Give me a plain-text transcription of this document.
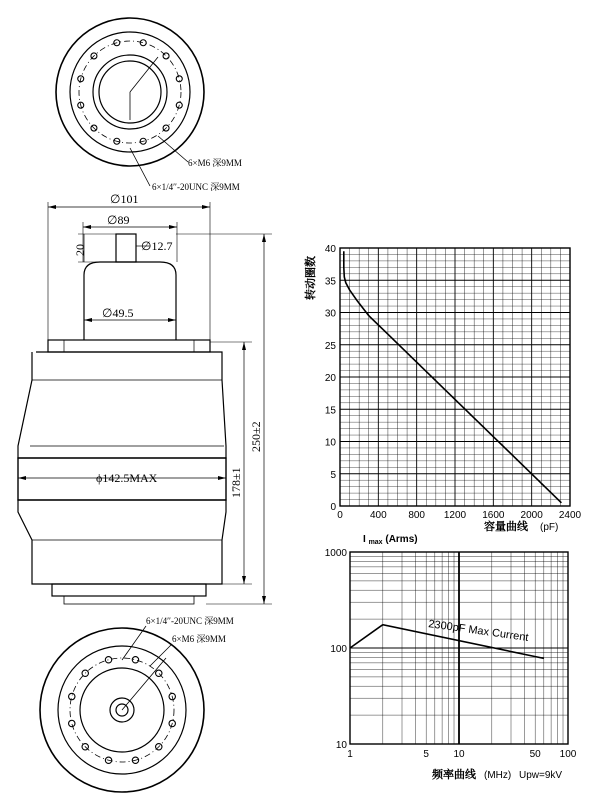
6×M6 深9MM
6×1/4′′-20UNC 深9MM
∅101
∅89
20	∅12.7
∅49.5
ϕ142.5MAX	178±1
250±2
6×1/4′′-20UNC 深9MM
6×M6 深9MM
0
5
10
15
20
25
30
35
40
0	400 800 1200 1600 2000 2400
转动圈数
容量曲线 (pF)
10
100
1000
1	5 10	50 100
2300pF Max Current
I $_{max}$ (Arms)
频率曲线 (MHz) Upw=9kV
